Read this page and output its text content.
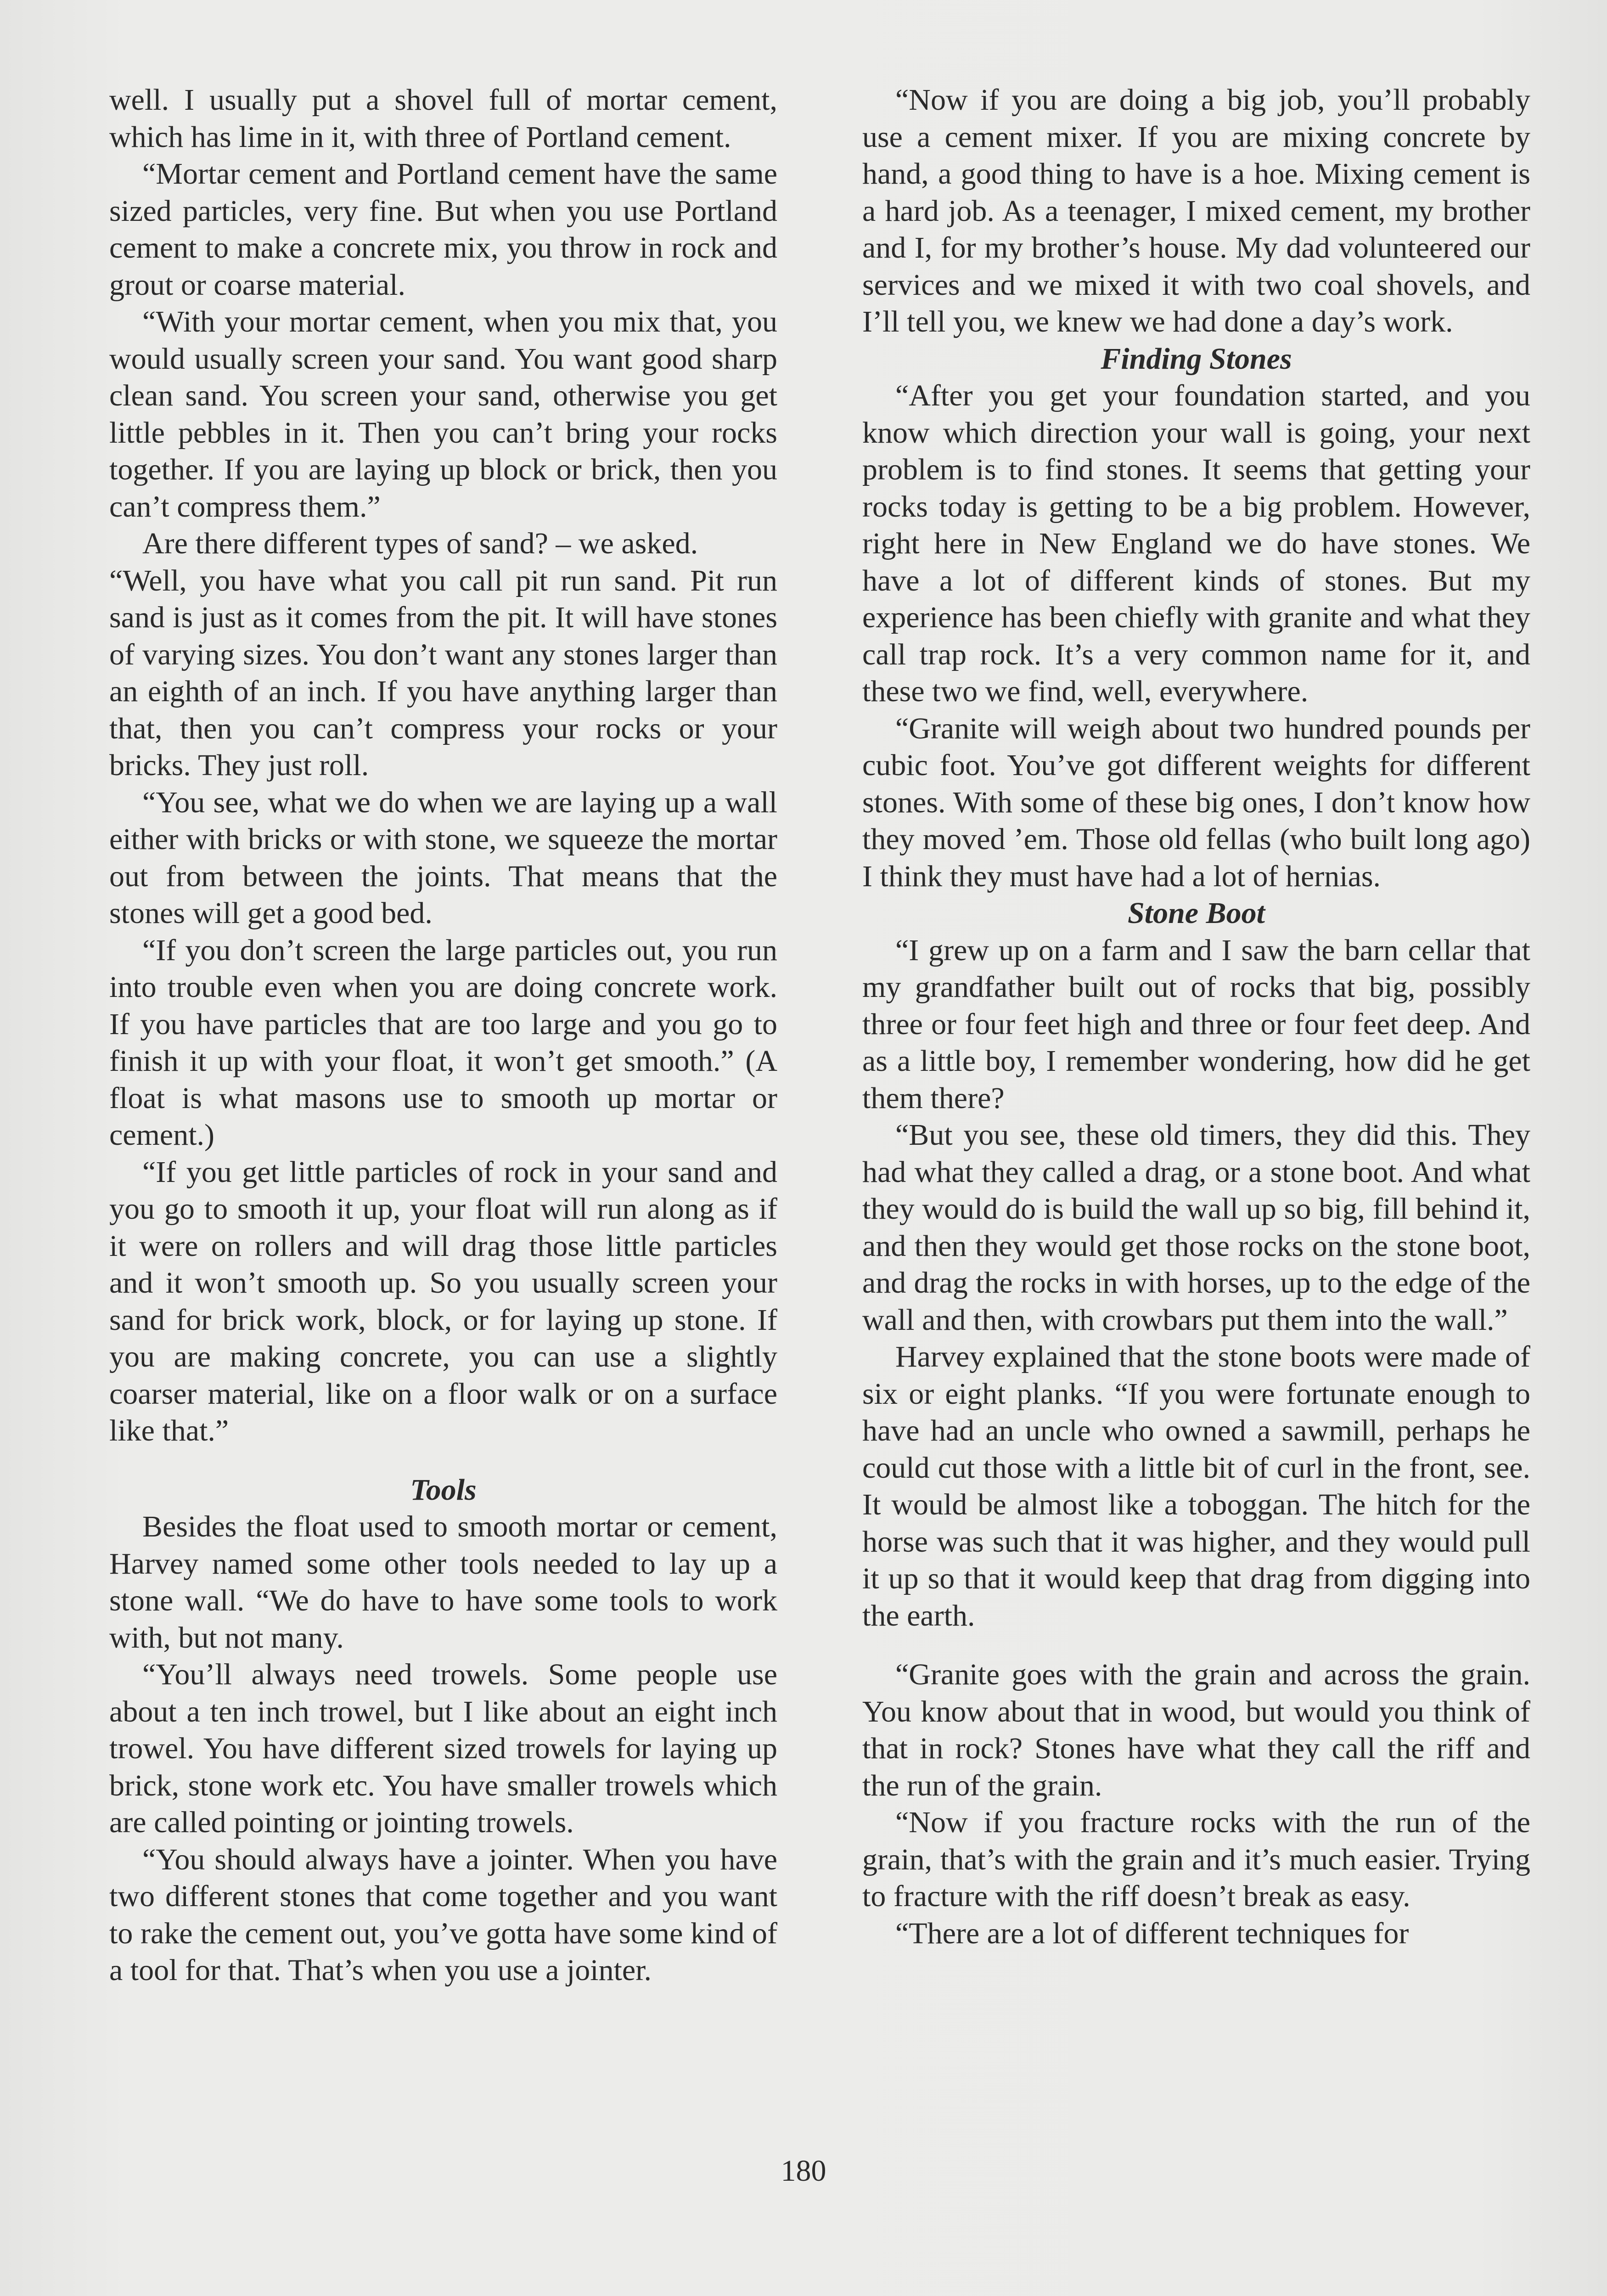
well. I usually put a shovel full of mortar cement, which has lime in it, with three of Portland cement.

“Mortar cement and Portland cement have the same sized particles, very fine. But when you use Portland cement to make a concrete mix, you throw in rock and grout or coarse material.

“With your mortar cement, when you mix that, you would usually screen your sand. You want good sharp clean sand. You screen your sand, otherwise you get little pebbles in it. Then you can’t bring your rocks together. If you are laying up block or brick, then you can’t compress them.”

Are there different types of sand? – we asked.

“Well, you have what you call pit run sand. Pit run sand is just as it comes from the pit. It will have stones of varying sizes. You don’t want any stones larger than an eighth of an inch. If you have anything larger than that, then you can’t compress your rocks or your bricks. They just roll.

“You see, what we do when we are laying up a wall either with bricks or with stone, we squeeze the mortar out from between the joints. That means that the stones will get a good bed.

“If you don’t screen the large particles out, you run into trouble even when you are doing concrete work. If you have particles that are too large and you go to finish it up with your float, it won’t get smooth.” (A float is what masons use to smooth up mortar or cement.)

“If you get little particles of rock in your sand and you go to smooth it up, your float will run along as if it were on rollers and will drag those little particles and it won’t smooth up. So you usually screen your sand for brick work, block, or for laying up stone. If you are making concrete, you can use a slightly coarser material, like on a floor walk or on a surface like that.”

Tools

Besides the float used to smooth mortar or cement, Harvey named some other tools needed to lay up a stone wall. “We do have to have some tools to work with, but not many.

“You’ll always need trowels. Some people use about a ten inch trowel, but I like about an eight inch trowel. You have different sized trowels for laying up brick, stone work etc. You have smaller trowels which are called pointing or jointing trowels.

“You should always have a jointer. When you have two different stones that come together and you want to rake the cement out, you’ve gotta have some kind of a tool for that. That’s when you use a jointer.

“Now if you are doing a big job, you’ll probably use a cement mixer. If you are mixing concrete by hand, a good thing to have is a hoe. Mixing cement is a hard job. As a teenager, I mixed cement, my brother and I, for my brother’s house. My dad volunteered our services and we mixed it with two coal shovels, and I’ll tell you, we knew we had done a day’s work.

Finding Stones

“After you get your foundation started, and you know which direction your wall is going, your next problem is to find stones. It seems that getting your rocks today is getting to be a big problem. However, right here in New England we do have stones. We have a lot of different kinds of stones. But my experience has been chiefly with granite and what they call trap rock. It’s a very common name for it, and these two we find, well, everywhere.

“Granite will weigh about two hundred pounds per cubic foot. You’ve got different weights for different stones. With some of these big ones, I don’t know how they moved ’em. Those old fellas (who built long ago) I think they must have had a lot of hernias.

Stone Boot

“I grew up on a farm and I saw the barn cellar that my grandfather built out of rocks that big, possibly three or four feet high and three or four feet deep. And as a little boy, I remember wondering, how did he get them there?

“But you see, these old timers, they did this. They had what they called a drag, or a stone boot. And what they would do is build the wall up so big, fill behind it, and then they would get those rocks on the stone boot, and drag the rocks in with horses, up to the edge of the wall and then, with crowbars put them into the wall.”

Harvey explained that the stone boots were made of six or eight planks. “If you were fortunate enough to have had an uncle who owned a sawmill, perhaps he could cut those with a little bit of curl in the front, see. It would be almost like a toboggan. The hitch for the horse was such that it was higher, and they would pull it up so that it would keep that drag from digging into the earth.

“Granite goes with the grain and across the grain. You know about that in wood, but would you think of that in rock? Stones have what they call the riff and the run of the grain.

“Now if you fracture rocks with the run of the grain, that’s with the grain and it’s much easier. Trying to fracture with the riff doesn’t break as easy.

“There are a lot of different techniques for

180
